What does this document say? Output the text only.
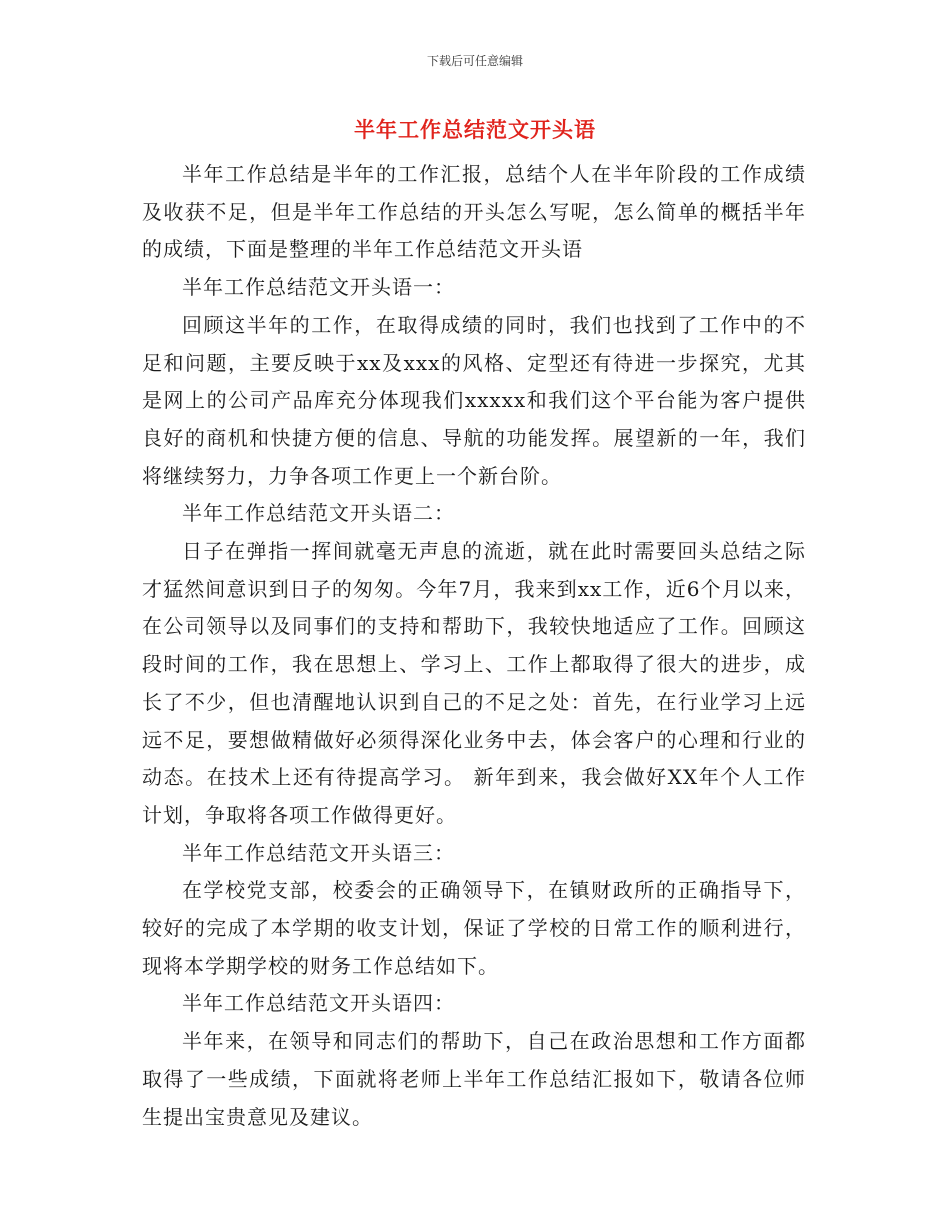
下载后可任意编辑
半年工作总结范文开头语

半年工作总结是半年的工作汇报，总结个人在半年阶段的工作成绩及收获不足，但是半年工作总结的开头怎么写呢，怎么简单的概括半年的成绩，下面是整理的半年工作总结范文开头语

半年工作总结范文开头语一：

回顾这半年的工作，在取得成绩的同时，我们也找到了工作中的不足和问题，主要反映于xx及xxx的风格、定型还有待进一步探究，尤其是网上的公司产品库充分体现我们xxxxx和我们这个平台能为客户提供良好的商机和快捷方便的信息、导航的功能发挥。展望新的一年，我们将继续努力，力争各项工作更上一个新台阶。

半年工作总结范文开头语二：

日子在弹指一挥间就毫无声息的流逝，就在此时需要回头总结之际才猛然间意识到日子的匆匆。今年7月，我来到xx工作，近6个月以来，在公司领导以及同事们的支持和帮助下，我较快地适应了工作。回顾这段时间的工作，我在思想上、学习上、工作上都取得了很大的进步，成长了不少，但也清醒地认识到自己的不足之处：首先，在行业学习上远远不足，要想做精做好必须得深化业务中去，体会客户的心理和行业的动态。在技术上还有待提高学习。 新年到来，我会做好XX年个人工作计划，争取将各项工作做得更好。

半年工作总结范文开头语三：

在学校党支部，校委会的正确领导下，在镇财政所的正确指导下，较好的完成了本学期的收支计划，保证了学校的日常工作的顺利进行，现将本学期学校的财务工作总结如下。

半年工作总结范文开头语四：

半年来，在领导和同志们的帮助下，自己在政治思想和工作方面都取得了一些成绩，下面就将老师上半年工作总结汇报如下，敬请各位师生提出宝贵意见及建议。
